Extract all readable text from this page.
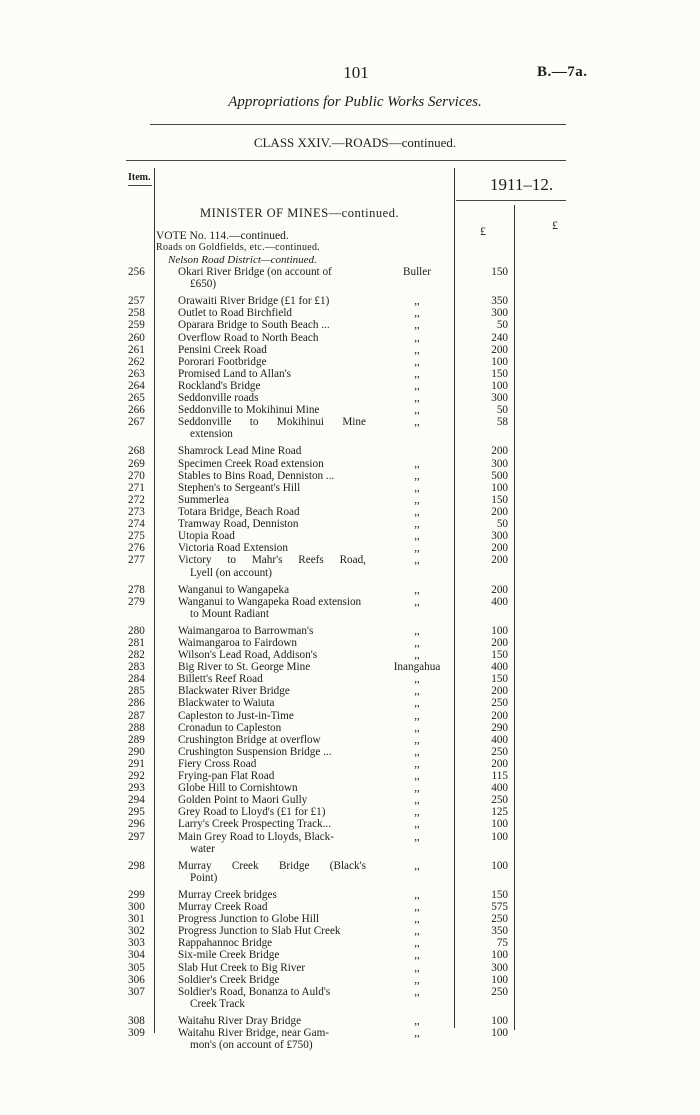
101	B.—7a.
Appropriations for Public Works Services.
CLASS XXIV.—ROADS—continued.
Item.	1911–12.
£	£
MINISTER OF MINES—continued.
VOTE No. 114.—continued.
Roads on Goldfields, etc.—continued.
Nelson Road District—continued.
256	Okari River Bridge (on account of
£650)
Buller	150
257	Orawaiti River Bridge (£1 for £1)	,,	350
258	Outlet to Road Birchfield	,,	300
259	Oparara Bridge to South Beach ...	,,	50
260	Overflow Road to North Beach	,,	240
261	Pensini Creek Road	,,	200
262	Pororari Footbridge	,,	100
263	Promised Land to Allan's	,,	150
264	Rockland's Bridge	,,	100
265	Seddonville roads	,,	300
266	Seddonville to Mokihinui Mine	,,	50
267	Seddonville to Mokihinui Mine
extension
,,	58
268	Shamrock Lead Mine Road	200
269	Specimen Creek Road extension	,,	300
270	Stables to Bins Road, Denniston ...	,,	500
271	Stephen's to Sergeant's Hill	,,	100
272	Summerlea	,,	150
273	Totara Bridge, Beach Road	,,	200
274	Tramway Road, Denniston	,,	50
275	Utopia Road	,,	300
276	Victoria Road Extension	,,	200
277	Victory to Mahr's Reefs Road,
Lyell (on account)
,,	200
278	Wanganui to Wangapeka	,,	200
279	Wanganui to Wangapeka Road extension
to Mount Radiant
,,	400
280	Waimangaroa to Barrowman's	,,	100
281	Waimangaroa to Fairdown	,,	200
282	Wilson's Lead Road, Addison's	,,	150
283	Big River to St. George Mine	Inangahua	400
284	Billett's Reef Road	,,	150
285	Blackwater River Bridge	,,	200
286	Blackwater to Waiuta	,,	250
287	Capleston to Just-in-Time	,,	200
288	Cronadun to Capleston	,,	290
289	Crushington Bridge at overflow	,,	400
290	Crushington Suspension Bridge ...	,,	250
291	Fiery Cross Road	,,	200
292	Frying-pan Flat Road	,,	115
293	Globe Hill to Cornishtown	,,	400
294	Golden Point to Maori Gully	,,	250
295	Grey Road to Lloyd's (£1 for £1)	,,	125
296	Larry's Creek Prospecting Track...	,,	100
297	Main Grey Road to Lloyds, Black-
water
,,	100
298	Murray Creek Bridge (Black's
Point)
,,	100
299	Murray Creek bridges	,,	150
300	Murray Creek Road	,,	575
301	Progress Junction to Globe Hill	,,	250
302	Progress Junction to Slab Hut Creek	,,	350
303	Rappahannoc Bridge	,,	75
304	Six-mile Creek Bridge	,,	100
305	Slab Hut Creek to Big River	,,	300
306	Soldier's Creek Bridge	,,	100
307	Soldier's Road, Bonanza to Auld's
Creek Track
,,	250
308	Waitahu River Dray Bridge	,,	100
309	Waitahu River Bridge, near Gam-
mon's (on account of £750)
,,	100
